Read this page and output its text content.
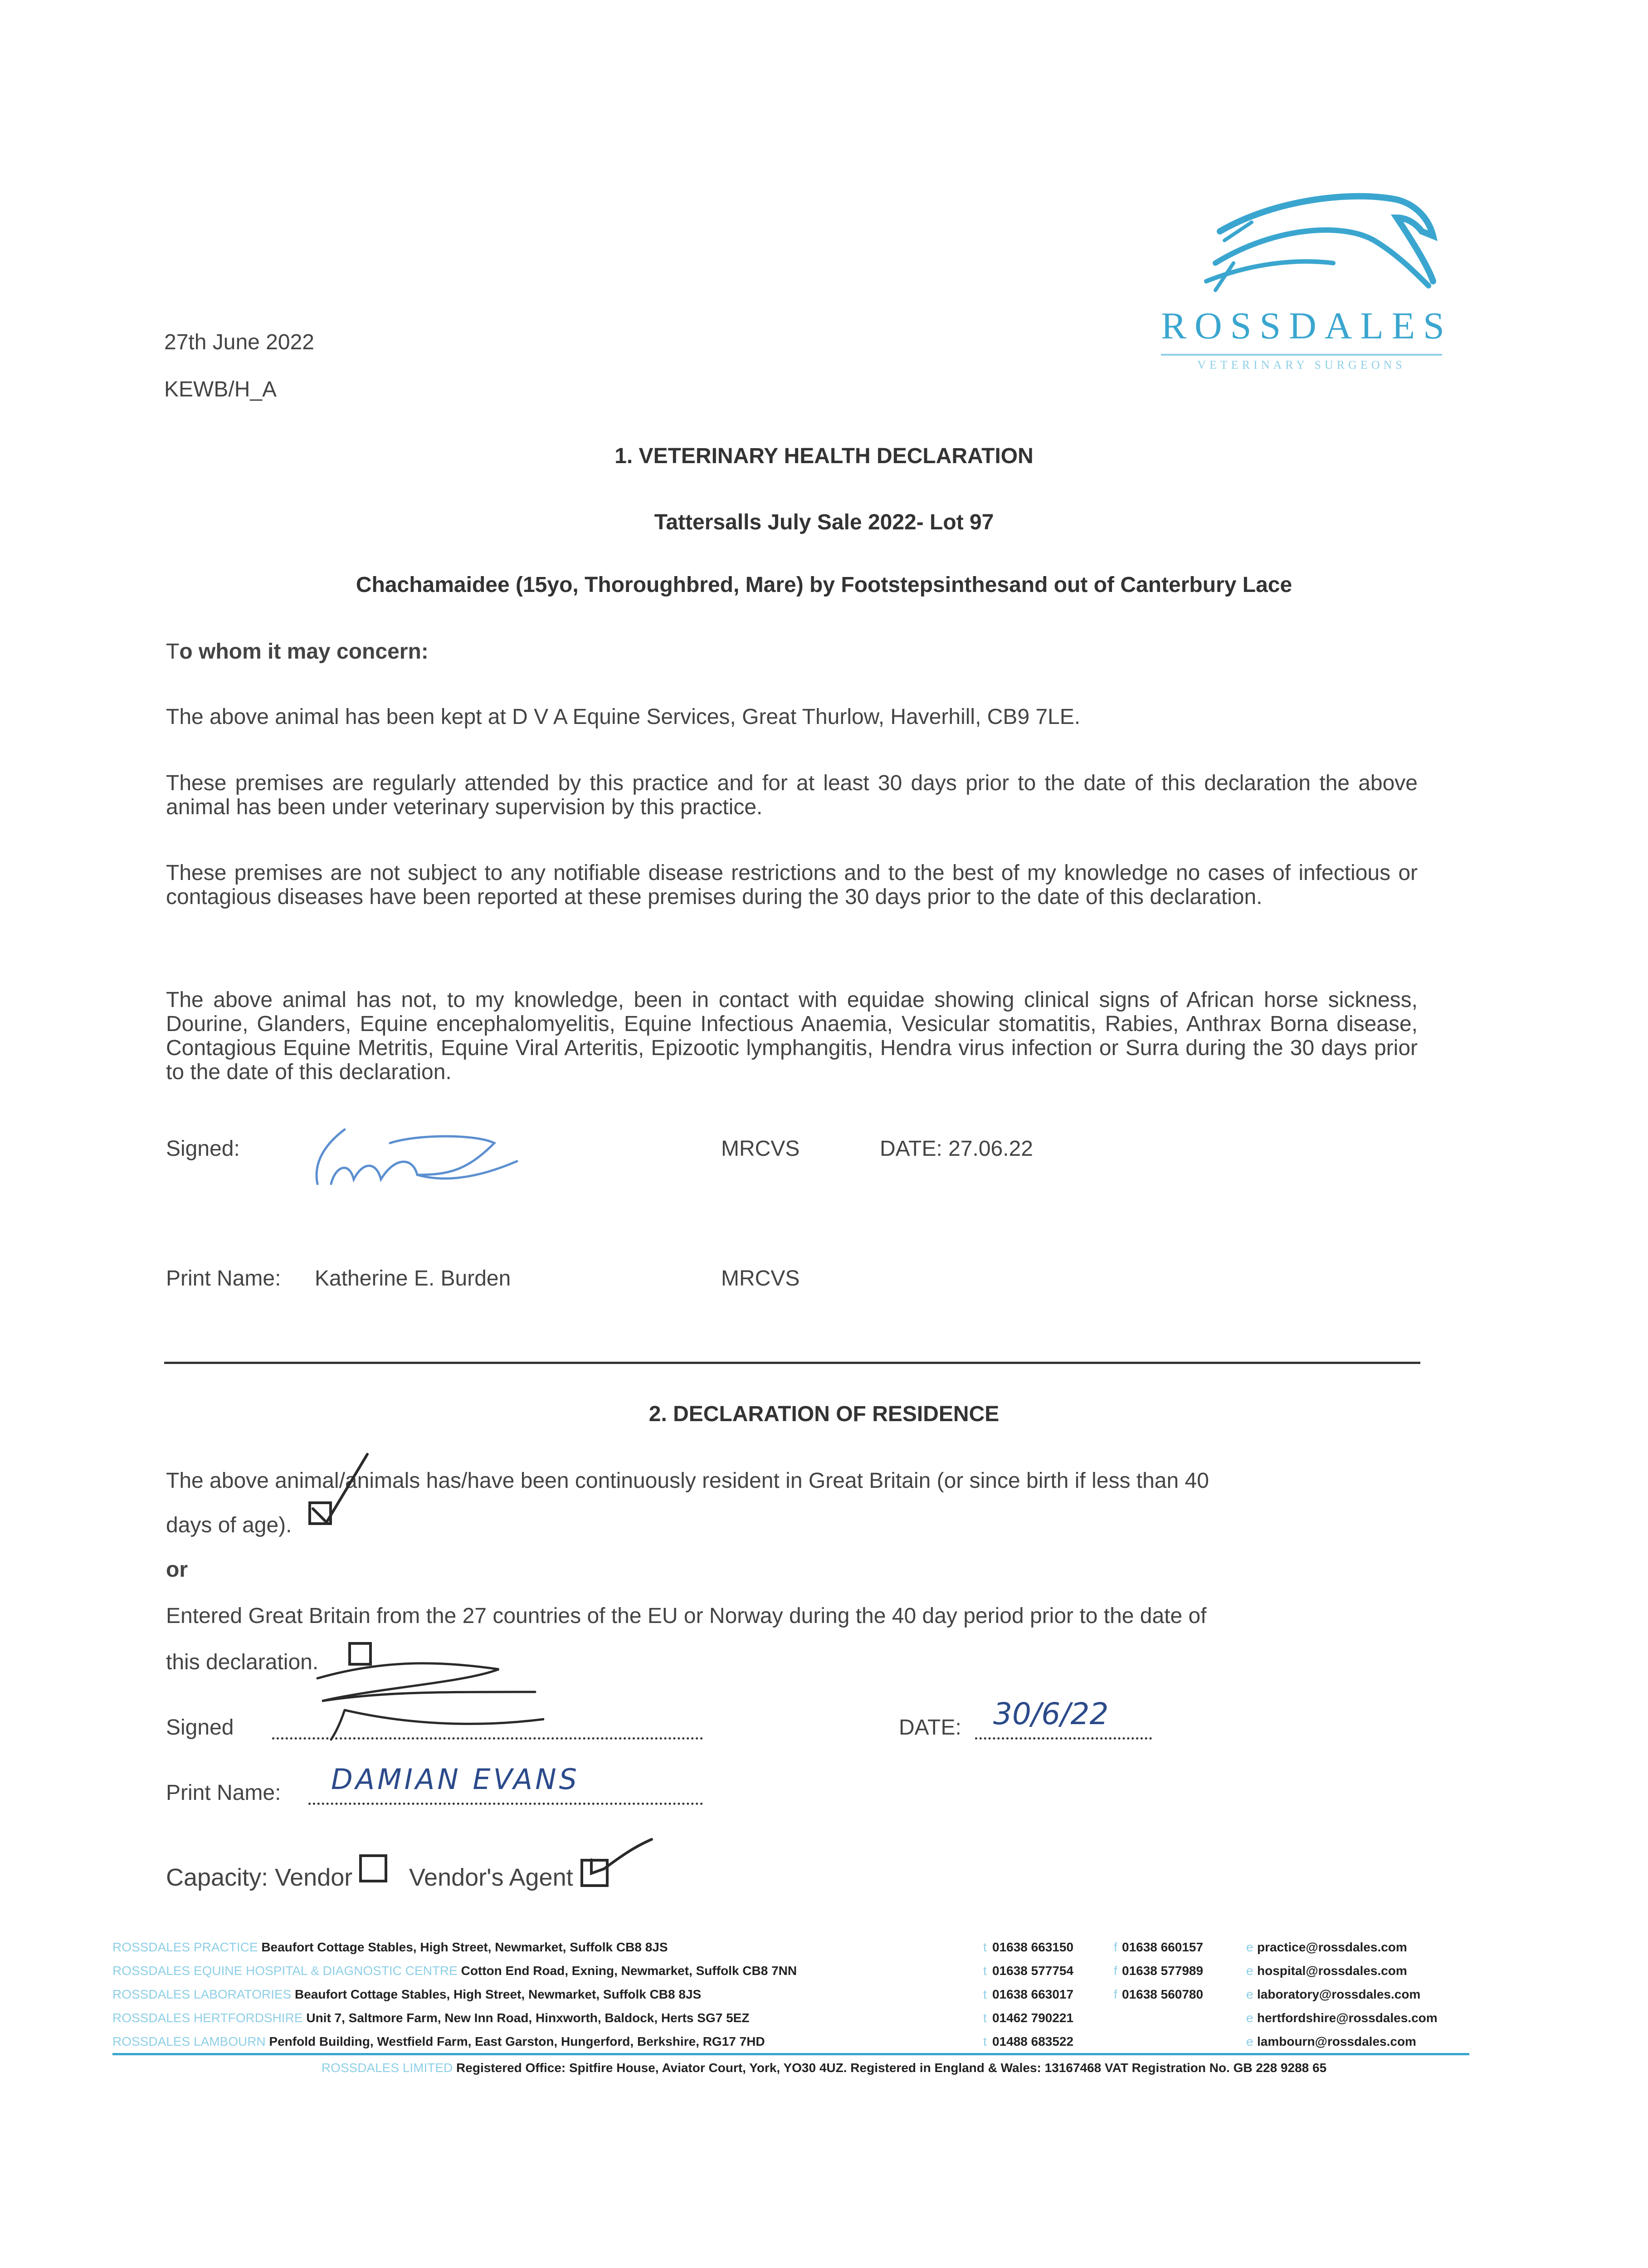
ROSSDALES
VETERINARY SURGEONS
27th June 2022
KEWB/H_A
1. VETERINARY HEALTH DECLARATION
Tattersalls July Sale 2022- Lot 97
Chachamaidee (15yo, Thoroughbred, Mare) by Footstepsinthesand out of Canterbury Lace
To whom it may concern:
The above animal has been kept at D V A Equine Services, Great Thurlow, Haverhill, CB9 7LE.
These premises are regularly attended by this practice and for at least 30 days prior to the date of this declaration the above animal has been under veterinary supervision by this practice.
These premises are not subject to any notifiable disease restrictions and to the best of my knowledge no cases of infectious or contagious diseases have been reported at these premises during the 30 days prior to the date of this declaration.
The above animal has not, to my knowledge, been in contact with equidae showing clinical signs of African horse sickness, Dourine, Glanders, Equine encephalomyelitis, Equine Infectious Anaemia, Vesicular stomatitis, Rabies, Anthrax Borna disease, Contagious Equine Metritis, Equine Viral Arteritis, Epizootic lymphangitis, Hendra virus infection or Surra during the 30 days prior to the date of this declaration.
Signed:	MRCVS	DATE: 27.06.22
Print Name: Katherine E. Burden	MRCVS
2. DECLARATION OF RESIDENCE
The above animal/animals has/have been continuously resident in Great Britain (or since birth if less than 40
days of age).
or
Entered Great Britain from the 27 countries of the EU or Norway during the 40 day period prior to the date of
this declaration.
Signed	DATE: 30/6/22
Print Name: DAMIAN EVANS
Capacity: Vendor Vendor's Agent
ROSSDALES PRACTICE Beaufort Cottage Stables, High Street, Newmarket, Suffolk CB8 8JS	t 01638 663150	f 01638 660157	e practice@rossdales.com
ROSSDALES EQUINE HOSPITAL & DIAGNOSTIC CENTRE Cotton End Road, Exning, Newmarket, Suffolk CB8 7NN	t 01638 577754	f 01638 577989	e hospital@rossdales.com
ROSSDALES LABORATORIES Beaufort Cottage Stables, High Street, Newmarket, Suffolk CB8 8JS	t 01638 663017	f 01638 560780	e laboratory@rossdales.com
ROSSDALES HERTFORDSHIRE Unit 7, Saltmore Farm, New Inn Road, Hinxworth, Baldock, Herts SG7 5EZ	t 01462 790221	e hertfordshire@rossdales.com
ROSSDALES LAMBOURN Penfold Building, Westfield Farm, East Garston, Hungerford, Berkshire, RG17 7HD	t 01488 683522	e lambourn@rossdales.com
ROSSDALES LIMITED Registered Office: Spitfire House, Aviator Court, York, YO30 4UZ. Registered in England & Wales: 13167468 VAT Registration No. GB 228 9288 65
